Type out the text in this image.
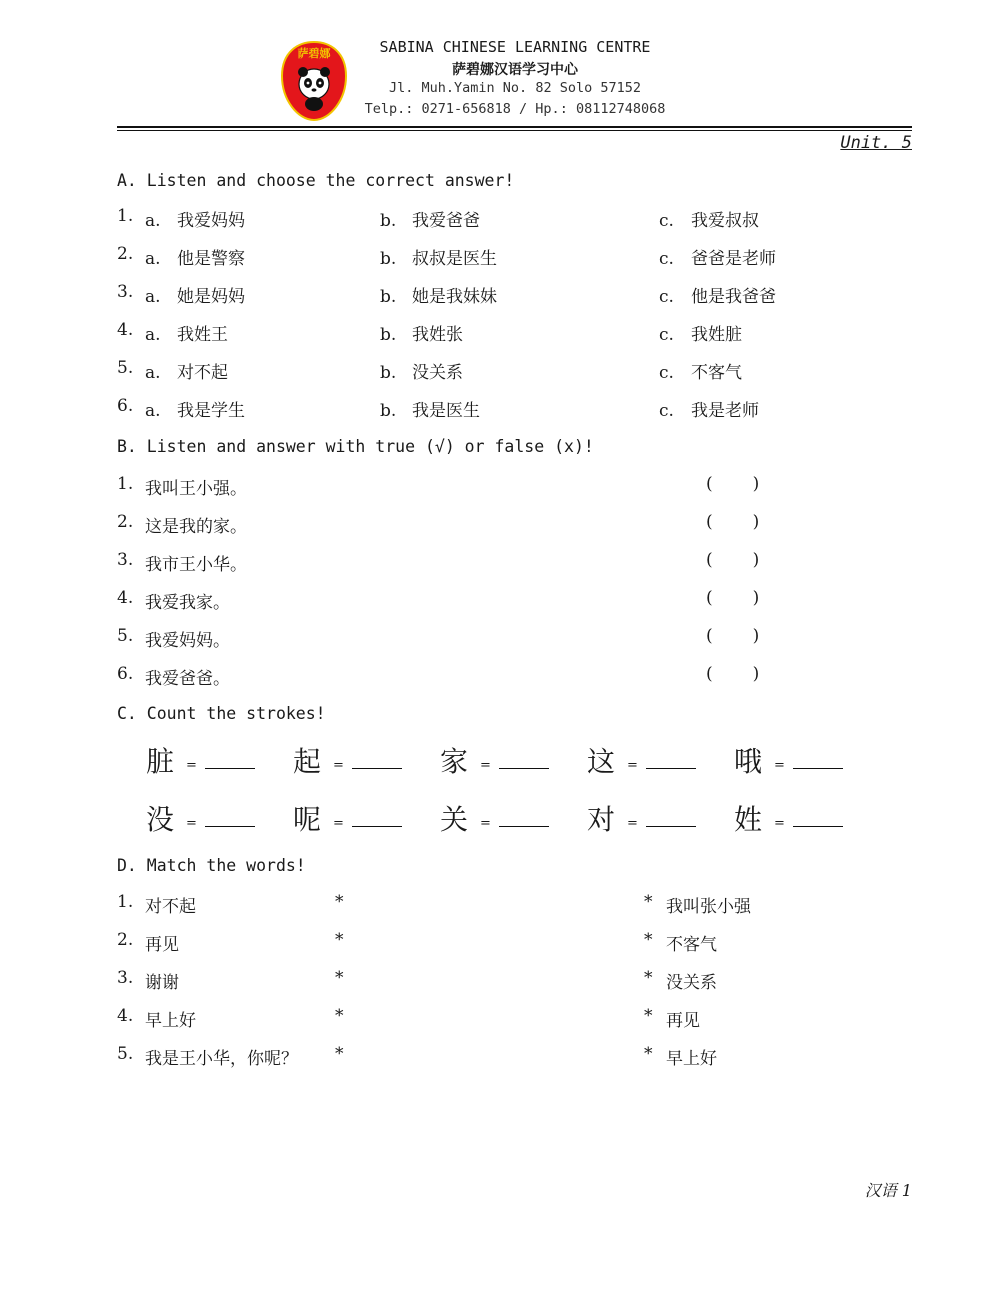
萨碧娜	SABINA CHINESE LEARNING CENTRE
萨碧娜汉语学习中心
Jl. Muh.Yamin No. 82 Solo 57152
Telp.: 0271-656818 / Hp.: 08112748068
Unit. 5
A. Listen and choose the correct answer!
1. a. 我爱妈妈	b. 我爱爸爸	c. 我爱叔叔
2. a. 他是警察	b. 叔叔是医生	c. 爸爸是老师
3. a. 她是妈妈	b. 她是我妹妹	c. 他是我爸爸
4. a. 我姓王	b. 我姓张	c. 我姓脏
5. a. 对不起	b. 没关系	c. 不客气
6. a. 我是学生	b. 我是医生	c. 我是老师
B. Listen and answer with true (√) or false (x)!
1. 我叫王小强。	( )
2. 这是我的家。	( )
3. 我市王小华。	( )
4. 我爱我家。	( )
5. 我爱妈妈。	( )
6. 我爱爸爸。	( )
C. Count the strokes!
脏 =	起 =	家 =	这 =	哦 =
没 =	呢 =	关 =	对 =	姓 =
D. Match the words!
1. 对不起	*	* 我叫张小强
2. 再见	*	* 不客气
3. 谢谢	*	* 没关系
4. 早上好	*	* 再见
5. 我是王小华，你呢？ *	* 早上好
汉语 1
